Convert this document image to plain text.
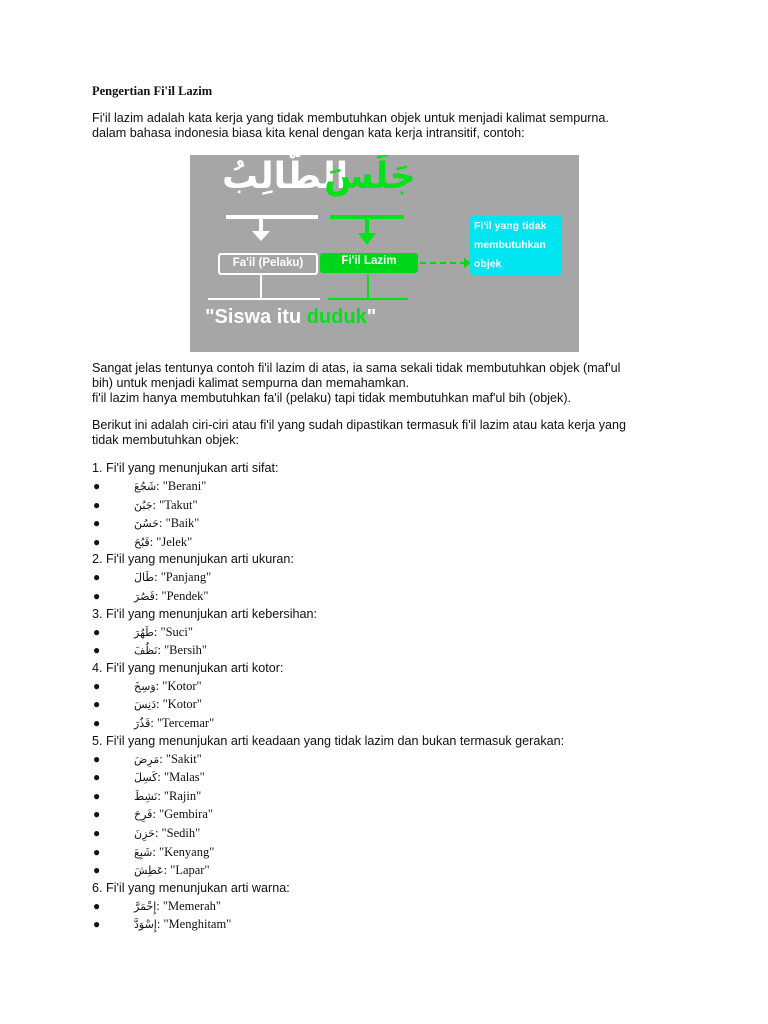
Pengertian Fi'il Lazim

Fi'il lazim adalah kata kerja yang tidak membutuhkan objek untuk menjadi kalimat sempurna.

dalam bahasa indonesia biasa kita kenal dengan kata kerja intransitif, contoh:

الطَّالِبُ
جَلَسَ
Fa'il (Pelaku)	Fi'il Lazim
Fi'il yang tidak
membutuhkan
objek
"Siswa itu duduk"

Sangat jelas tentunya contoh fi'il lazim di atas, ia sama sekali tidak membutuhkan objek (maf'ul

bih) untuk menjadi kalimat sempurna dan memahamkan.

fi'il lazim hanya membutuhkan fa'il (pelaku) tapi tidak membutuhkan maf'ul bih (objek).

Berikut ini adalah ciri-ciri atau fi'il yang sudah dipastikan termasuk fi'il lazim atau kata kerja yang

tidak membutuhkan objek:

1. Fi'il yang menunjukan arti sifat:
●	شَجُعَ: "Berani"
●	جَبُنَ: "Takut"
●	حَسُنَ: "Baik"
●	قَبُحَ: "Jelek"
2. Fi'il yang menunjukan arti ukuran:
●	طَالَ: "Panjang"
●	قَصُرَ: "Pendek"
3. Fi'il yang menunjukan arti kebersihan:
●	طَهُرَ: "Suci"
●	نَظُفَ: "Bersih"
4. Fi'il yang menunjukan arti kotor:
●	وَسِخَ: "Kotor"
●	دَنِسَ: "Kotor"
●	قَذُرَ: "Tercemar"
5. Fi'il yang menunjukan arti keadaan yang tidak lazim dan bukan termasuk gerakan:
●	مَرِضَ: "Sakit"
●	كَسِلَ: "Malas"
●	نَشِطَ: "Rajin"
●	فَرِحَ: "Gembira"
●	حَزِنَ: "Sedih"
●	شَبِعَ: "Kenyang"
●	عَطِشَ: "Lapar"
6. Fi'il yang menunjukan arti warna:
●	إِحْمَرَّ: "Memerah"
●	إِسْوَدَّ: "Menghitam"
